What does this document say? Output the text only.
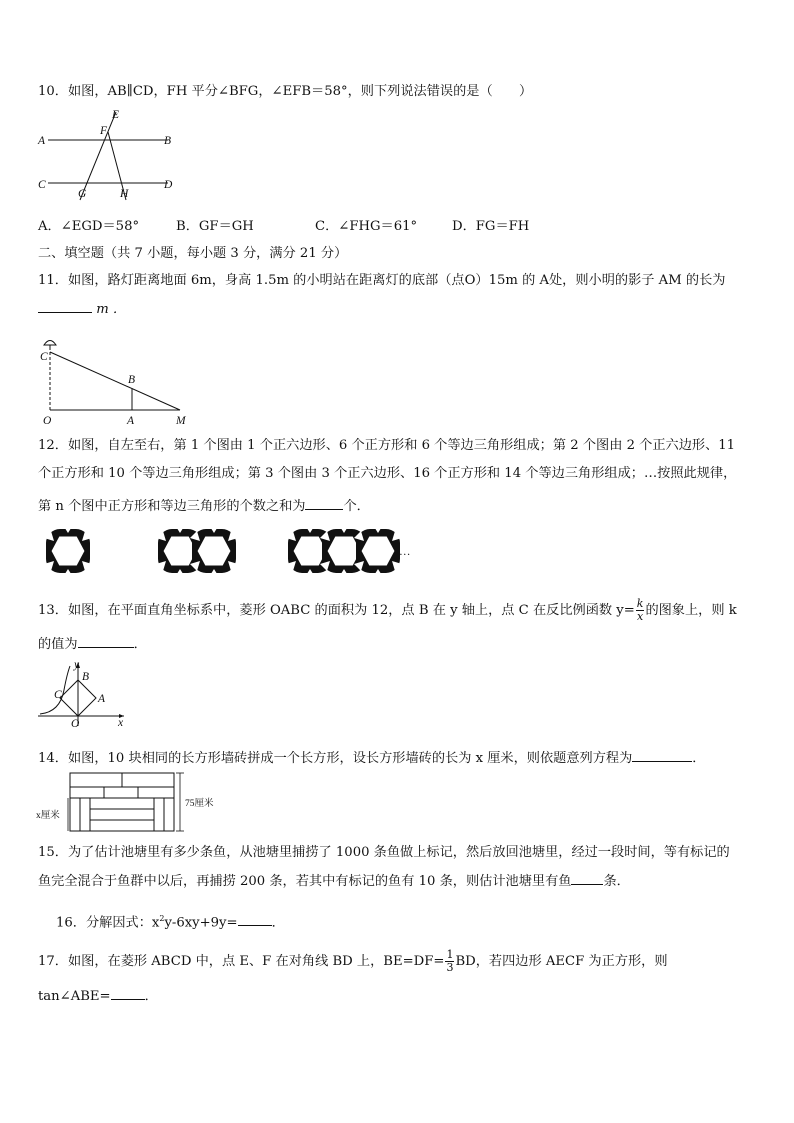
10．如图，AB∥CD，FH 平分∠BFG，∠EFB＝58°，则下列说法错误的是（　　）
A	B
C	D
E
F
G	H
A．∠EGD＝58°	B．GF＝GH	C．∠FHG＝61°	D．FG＝FH
二、填空题（共 7 小题，每小题 3 分，满分 21 分）
11．如图，路灯距离地面 6m，身高 1.5m 的小明站在距离灯的底部（点O）15m 的 A处，则小明的影子 AM 的长为
m ．
C
B
O	A	M
12．如图，自左至右，第 1 个图由 1 个正六边形、6 个正方形和 6 个等边三角形组成；第 2 个图由 2 个正六边形、11
个正方形和 10 个等边三角形组成；第 3 个图由 3 个正六边形、16 个正方形和 14 个等边三角形组成；…按照此规律，
第 n 个图中正方形和等边三角形的个数之和为	个．
…
13．如图，在平面直角坐标系中，菱形 OABC 的面积为 12，点 B 在 y 轴上，点 C 在反比例函数 $y= \frac{k}{x}$ 的图象上，则 k
的值为	．
y
B
C	A
O	x
14．如图，10 块相同的长方形墙砖拼成一个长方形，设长方形墙砖的长为 x 厘米，则依题意列方程为	．
x厘米
75厘米
15．为了估计池塘里有多少条鱼，从池塘里捕捞了 1000 条鱼做上标记，然后放回池塘里，经过一段时间，等有标记的
鱼完全混合于鱼群中以后，再捕捞 200 条，若其中有标记的鱼有 10 条，则估计池塘里有鱼 条．
16．分解因式：$x^2y-6xy+9y=$	．
17．如图，在菱形 ABCD 中，点 E、F 在对角线 BD 上，$BE=DF= \frac{1}{3}$ BD，若四边形 AECF 为正方形，则
tan∠ABE=	．
